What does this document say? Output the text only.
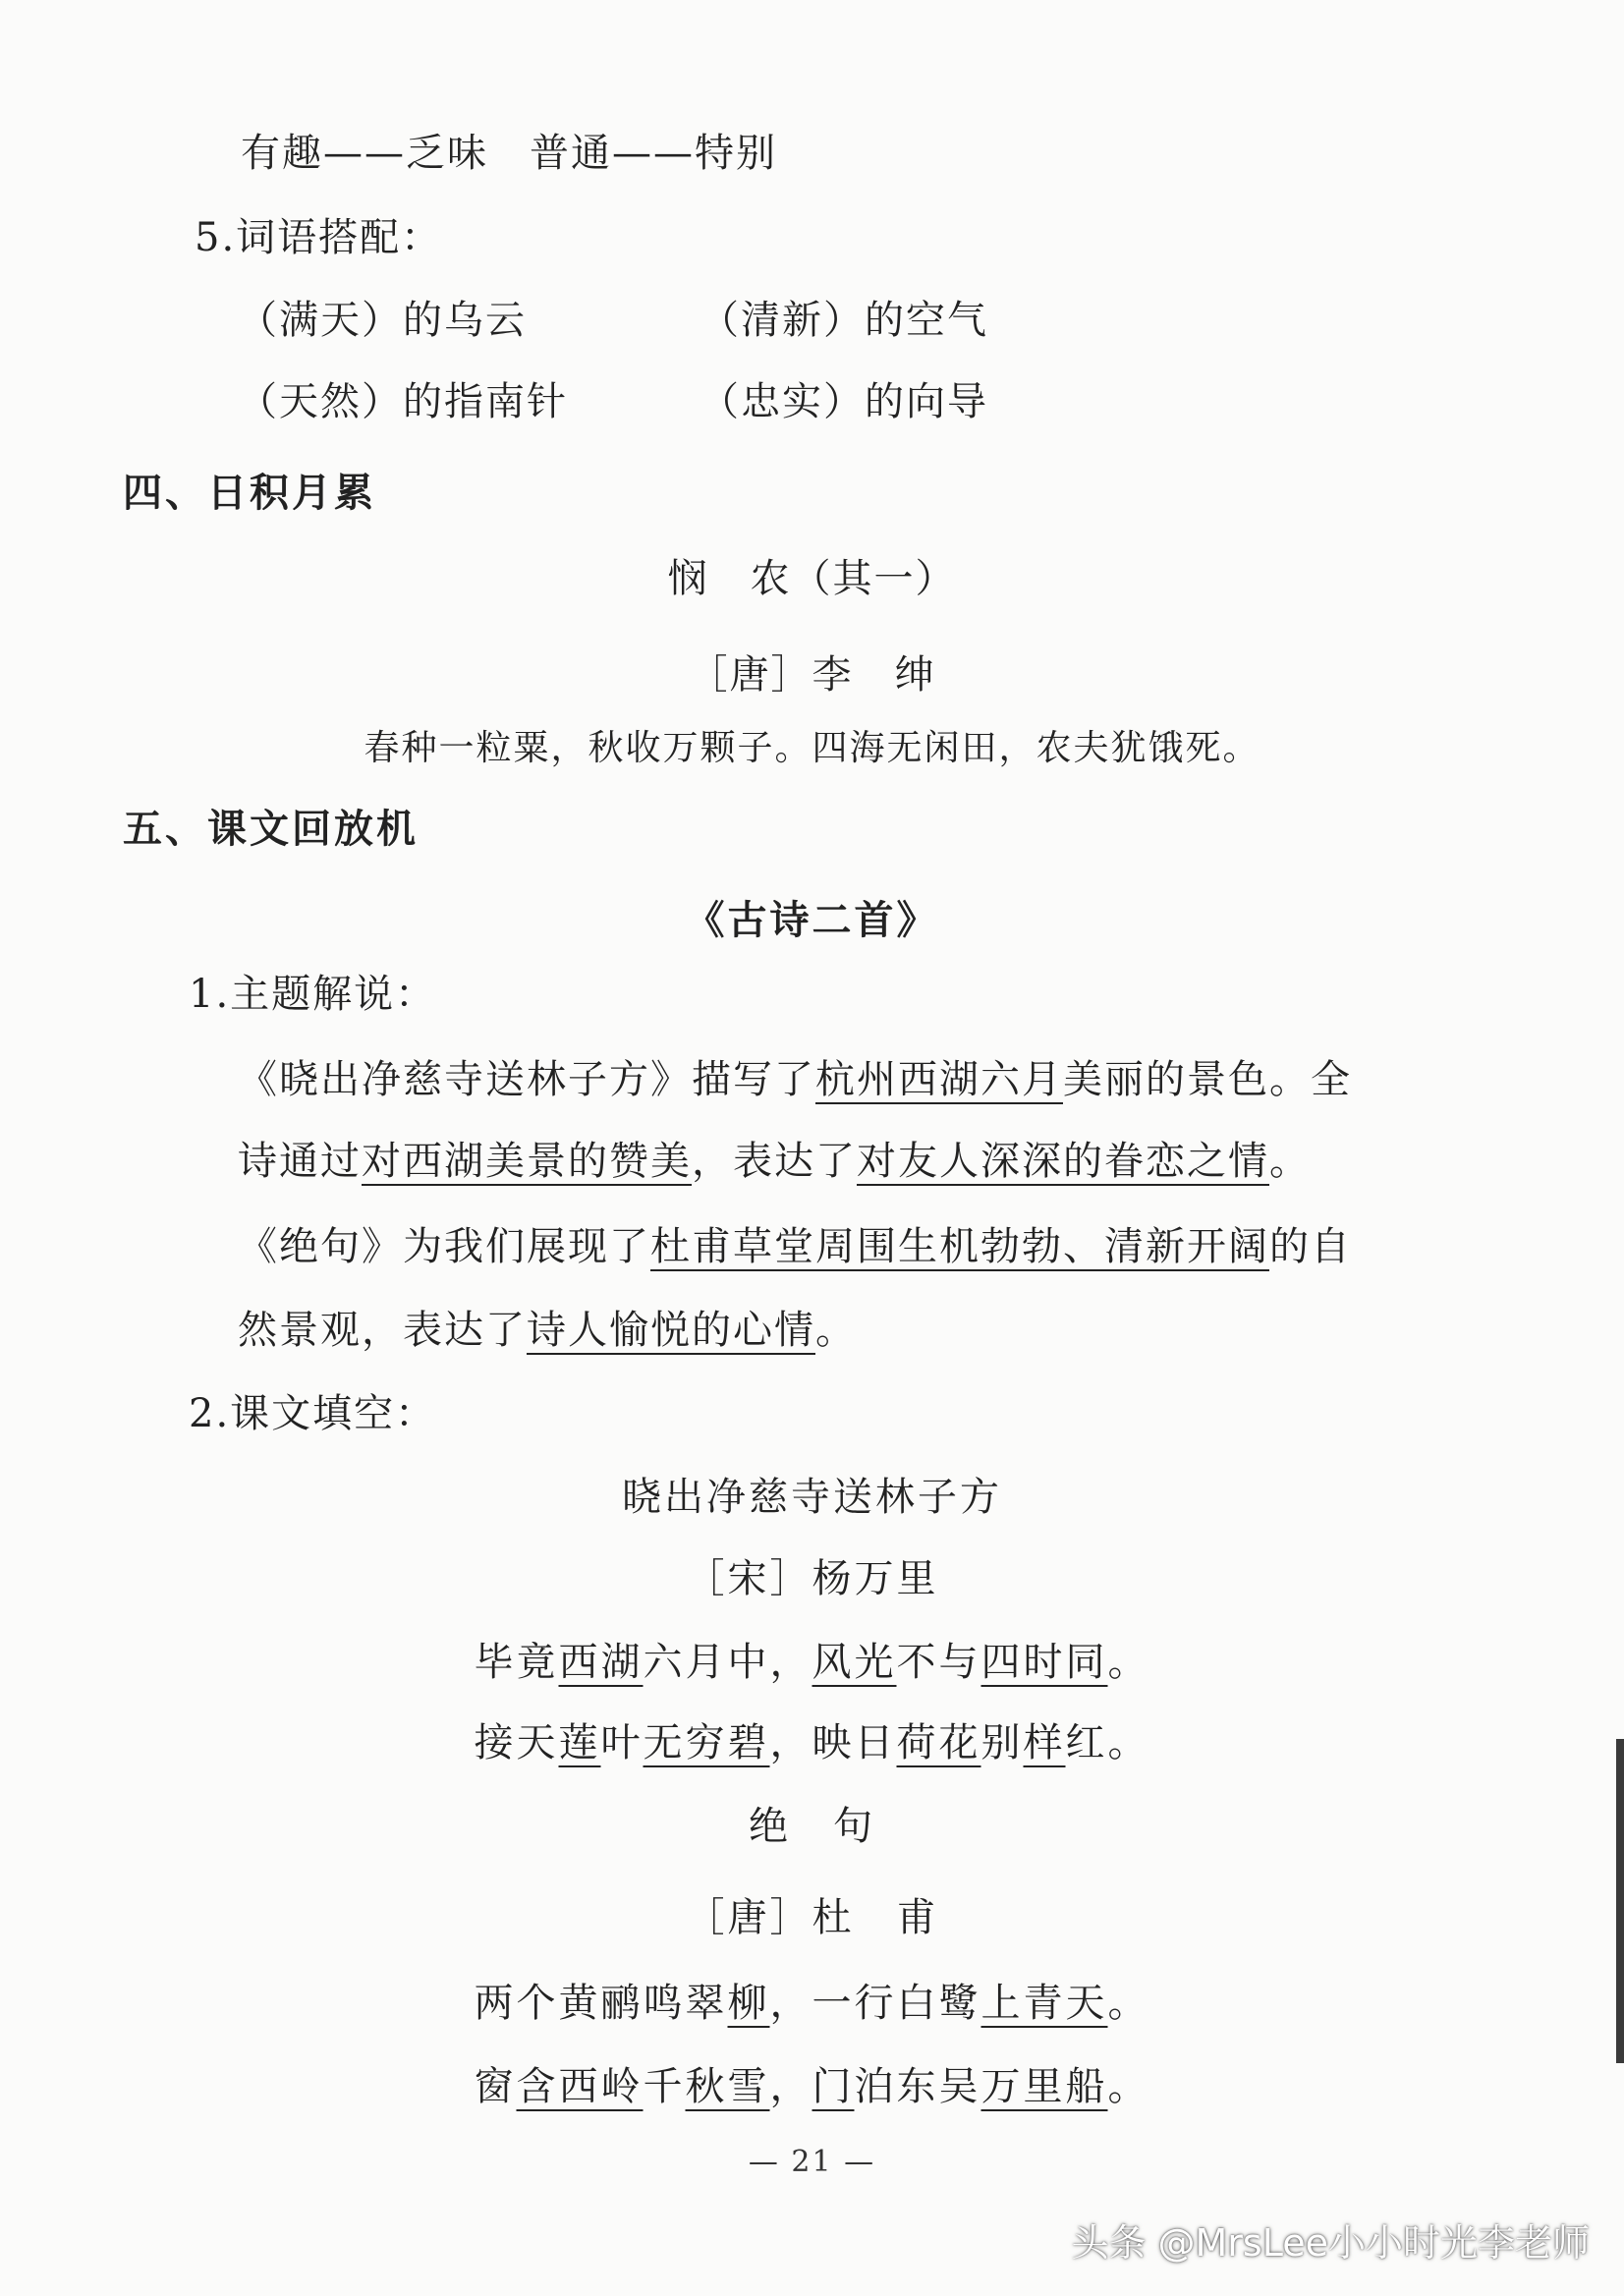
有趣——乏味　普通——特别
5.词语搭配：
（满天）的乌云	（清新）的空气
（天然）的指南针	（忠实）的向导
四、日积月累
悯　农（其一）
［唐］李　绅
春种一粒粟，秋收万颗子。四海无闲田，农夫犹饿死。
五、课文回放机
《古诗二首》
1.主题解说：
《晓出净慈寺送林子方》描写了杭州西湖六月美丽的景色。全
诗通过对西湖美景的赞美，表达了对友人深深的眷恋之情。
《绝句》为我们展现了杜甫草堂周围生机勃勃、清新开阔的自
然景观，表达了诗人愉悦的心情。
2.课文填空：
晓出净慈寺送林子方
［宋］杨万里
毕竟西湖六月中，风光不与四时同。
接天莲叶无穷碧，映日荷花别样红。
绝　句
［唐］杜　甫
两个黄鹂鸣翠柳，一行白鹭上青天。
窗含西岭千秋雪，门泊东吴万里船。
— 21 —
头条 @MrsLee小小时光李老师
